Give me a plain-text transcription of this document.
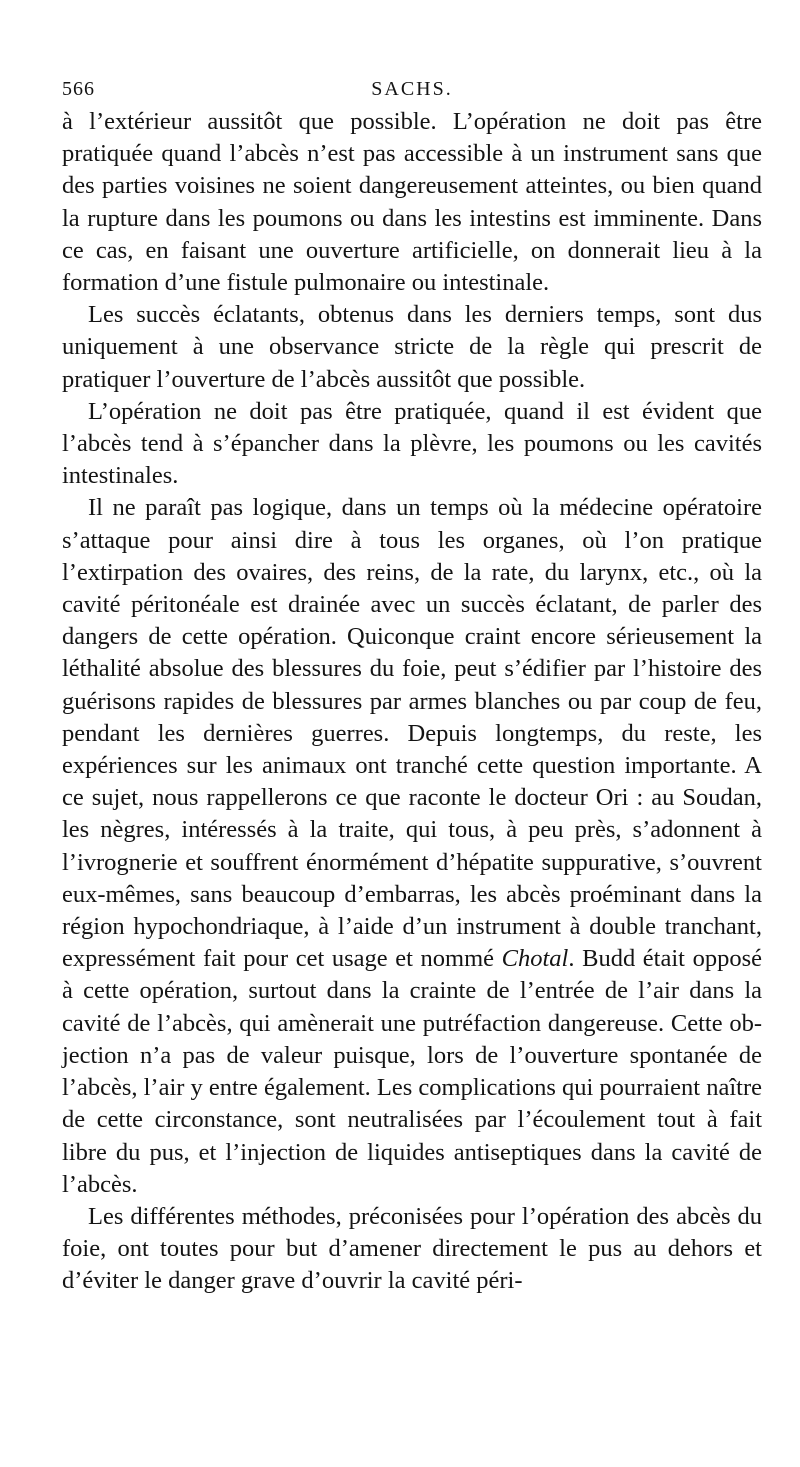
566	SACHS.

à l’extérieur aussitôt que possible. L’opération ne doit pas être pratiquée quand l’abcès n’est pas accessible à un instrument sans que des parties voisines ne soient dangereusement atteintes, ou bien quand la rupture dans les poumons ou dans les intestins est imminente. Dans ce cas, en faisant une ouverture artificielle, on donnerait lieu à la formation d’une fistule pulmonaire ou intestinale.

Les succès éclatants, obtenus dans les derniers temps, sont dus uniquement à une observance stricte de la règle qui prescrit de pratiquer l’ouverture de l’abcès aussitôt que possible.

L’opération ne doit pas être pratiquée, quand il est évident que l’abcès tend à s’épancher dans la plèvre, les poumons ou les cavités intestinales.

Il ne paraît pas logique, dans un temps où la médecine opératoire s’attaque pour ainsi dire à tous les organes, où l’on pratique l’extirpation des ovaires, des reins, de la rate, du larynx, etc., où la cavité péritonéale est drainée avec un succès éclatant, de parler des dangers de cette opération. Quiconque craint encore sérieusement la léthalité absolue des blessures du foie, peut s’édifier par l’histoire des guérisons rapides de blessures par armes blanches ou par coup de feu, pendant les dernières guerres. Depuis longtemps, du reste, les expériences sur les animaux ont tranché cette question importante. A ce sujet, nous rappellerons ce que raconte le docteur Ori : au Soudan, les nègres, intéressés à la traite, qui tous, à peu près, s’adonnent à l’ivrognerie et souffrent énormément d’hépatite suppurative, s’ouvrent eux-mêmes, sans beaucoup d’embarras, les abcès proéminant dans la région hypochondriaque, à l’aide d’un instrument à double tranchant, expressément fait pour cet usage et nommé Chotal. Budd était opposé à cette opération, surtout dans la crainte de l’entrée de l’air dans la cavité de l’abcès, qui amènerait une putréfaction dangereuse. Cette objection n’a pas de valeur puisque, lors de l’ouverture spontanée de l’abcès, l’air y entre également. Les complications qui pourraient naître de cette circonstance, sont neutralisées par l’écoulement tout à fait libre du pus, et l’injection de liquides antiseptiques dans la cavité de l’abcès.

Les différentes méthodes, préconisées pour l’opération des abcès du foie, ont toutes pour but d’amener directement le pus au dehors et d’éviter le danger grave d’ouvrir la cavité péri-
